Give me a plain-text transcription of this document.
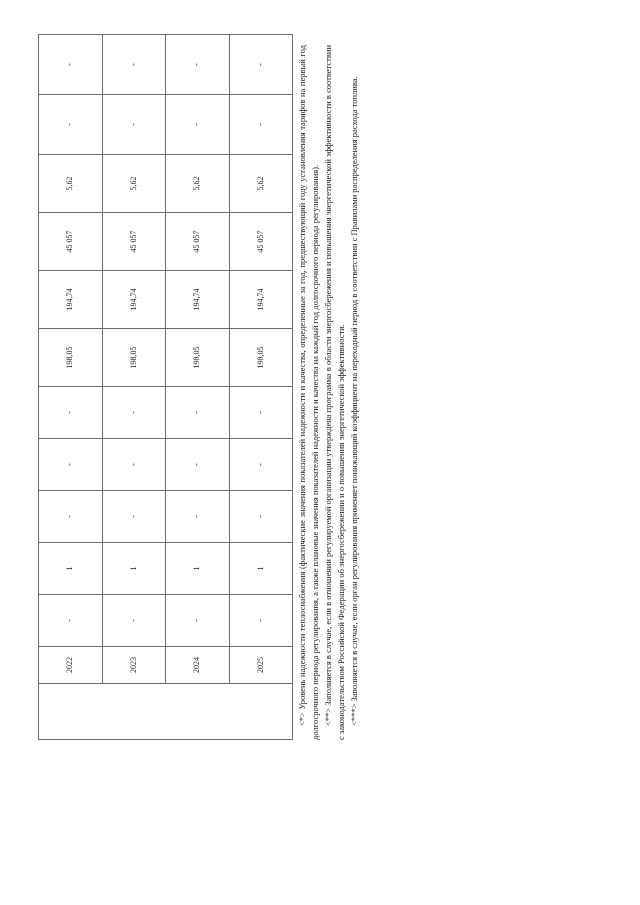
	2022	-	1	-	-	-	198,05	194,74	45 057	5,62	-	-
	2023	-	1	-	-	-	198,05	194,74	45 057	5,62	-	-
	2024	-	1	-	-	-	198,05	194,74	45 057	5,62	-	-
	2025	-	1	-	-	-	198,05	194,74	45 057	5,62	-	-	<*> Уровень надежности теплоснабжения (фактические значения показателей надежности и качества, определенные за год, предшествующий году установления тарифов на первый год долгосрочного периода регулирования, а также плановые значения показателей надежности и качества на каждый год долгосрочного периода регулирования). <**> Заполняется в случае, если в отношении регулируемой организации утверждена программа в области энергосбережения и повышения энергетической эффективности в соответствии с законодательством Российской Федерации об энергосбережении и о повышении энергетической эффективности. <***> Заполняется в случае, если орган регулирования применяет понижающий коэффициент на переходный период в соответствии с Правилами распределения расхода топлива.
